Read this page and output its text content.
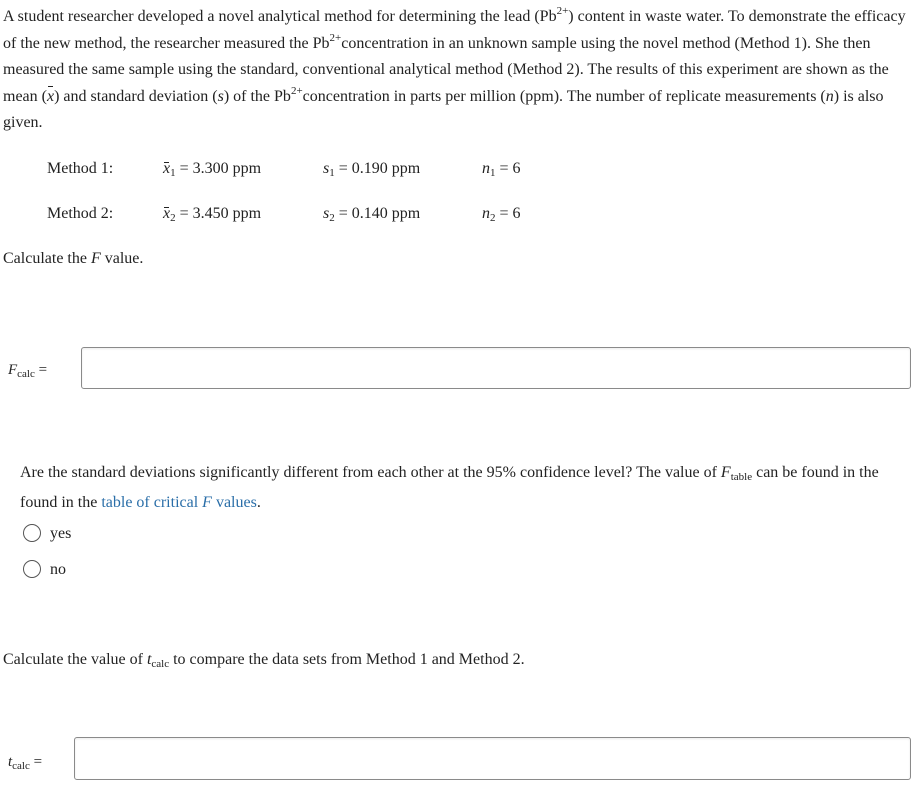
A student researcher developed a novel analytical method for determining the lead $(Pb^{2+})$ content in waste water. To demonstrate the efficacy of the new method, the researcher measured the $Pb^{2+}concentration$ in an unknown sample using the novel method (Method 1). She then measured the same sample using the standard, conventional analytical method (Method 2). The results of this experiment are shown as the mean (x) and standard deviation (s) of the $Pb^{2+}concentration$ in parts per million (ppm). The number of replicate measurements (n) is also given.
Method 1:	$x_1 = 3.300$ ppm	$s_1 = 0.190$ ppm	$n_1 = 6$
Method 2:	$x_2 = 3.450$ ppm	$s_2 = 0.140$ ppm	$n_2 = 6$
Calculate the F value.
$F_{calc}$ =
Are the standard deviations significantly different from each other at the 95% confidence level? The value of $F_{table}$ can be found in the
found in the table of critical F values.
yes
no
Calculate the value of $t_{calc}$ to compare the data sets from Method 1 and Method 2.
$t_{calc}$ =
